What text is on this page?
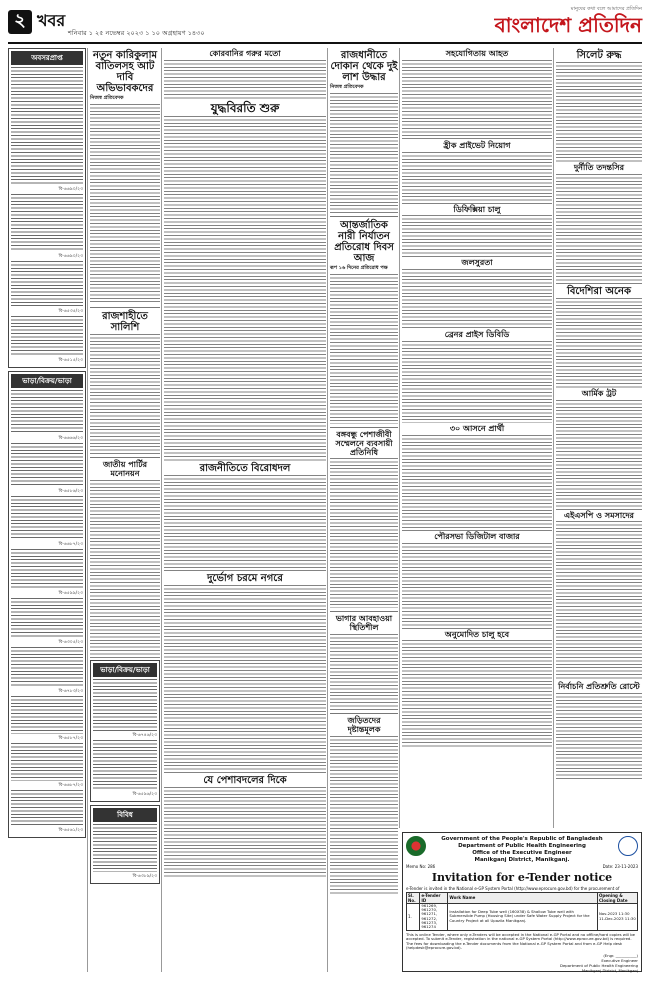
২ খবর
শনিবার ১ ২৫ নভেম্বর ২০২৩ ১ ১০ অগ্রহায়ণ ১৪৩০
মানুষের কথা বলে আমাদের প্রতিদিন
বাংলাদেশ প্রতিদিন
অবসরপ্রাপ্ত
বি-৬৬৯০/২৩
বি-৬৬৯০/২৩
বি-৬৫৩৫/২৩
বি-৬৫১৫/২৩
ভাড়া/বিক্রয়/ভাড়া
বি-৬৬৬৬/২৩
বি-৬৫৮৬/২৩
বি-৬৬৮৭/২৩
বি-৬৫৯৯/২৩
বি-৬৩০৫/২৩
বি-৬৭৮৩/২৩
বি-৬৫৮৭/২৩
বি-৬৬৮৭/২৩
বি-৬৫৬১/২৩
নতুন কারিকুলাম বাতিলসহ আট দাবি অভিভাবকদের
নিজস্ব প্রতিবেদক
রাজশাহীতে সালিশি
জাতীয় পার্টির মনোনয়ন
ভাড়া/বিক্রয়/ভাড়া
বি-৬৭৪৬/২৩
বি-৬৫৯৬/২৩
বিবিধ
বি-৬৩৮৯/২৩
কোরবানির গরুর মতো
যুদ্ধবিরতি শুরু
রাজনীতিতে বিরোধদল
দুর্ভোগ চরমে নগরে
যে পেশাবদলের দিকে
রাজধানীতে দোকান থেকে দুই লাশ উদ্ধার
নিজস্ব প্রতিবেদক
আন্তর্জাতিক নারী নির্যাতন প্রতিরোধ দিবস আজ
ৰূপ ১৬ দিনের প্রতিরোধ পক্ষ
বঙ্গবন্ধু পেশাজীবী সম্মেলনে ব্যবসায়ী প্রতিনিধি
ভাগার আবহাওয়া স্থিতিশীল
জড়িতদের দৃষ্টান্তমূলক
সহযোগিতায় আহত
হ্রীক প্রাইভেট নিয়োগ
ডিফিক্সিয়া চালু
জলসুরতা
ব্রেনর প্রাইস ডিবিডি
৩০ আসনে প্রার্থী
পৌরসভা ডিজিটাল বাজার
অনুমোদিত চালু হবে
সিলেট রুদ্ধ
দুর্নীতি তদন্তসির
বিদেশিরা অনেক
আর্মিক ট্রট
এইএসপি ও সমসাদের
নির্বাচনি প্রতিশ্রুতি রোস্টে
Government of the People's Republic of Bangladesh
Department of Public Health Engineering
Office of the Executive Engineer
Manikganj District, Manikganj.
Memo No: 286	Date: 23-11-2023
Invitation for e-Tender notice
e-Tender is invited in the National e-GP System Portal (http://www.eprocure.gov.bd) for the procurement of
Sl. No.	e-Tender ID	Work Name	Opening & Closing Date
1.	961269, 961270, 961271, 961272, 961273, 961274	Installation for Deep Tube well (160X38) & Shallow Tube well with Submersible Pump (Housing Site) under Safe Water Supply Project for the Country Project at all Upazila Manikganj.	Nov-2023 11:30
11-Dec-2023 11:30
This is online Tender, where only e-Tenders will be accepted in the National e-GP Portal and no offline/hard copies will be accepted. To submit e-Tender, registration in the national e-GP System Portal (http://www.eprocure.gov.bd) is required. The fees for downloading the e-Tender documents from the National e-GP System Portal and from e-GP Help desk (helpdesk@eprocure.gov.bd).
(Engr. ___________)
Executive Engineer
Department of Public Health Engineering
Manikganj District, Manikganj
